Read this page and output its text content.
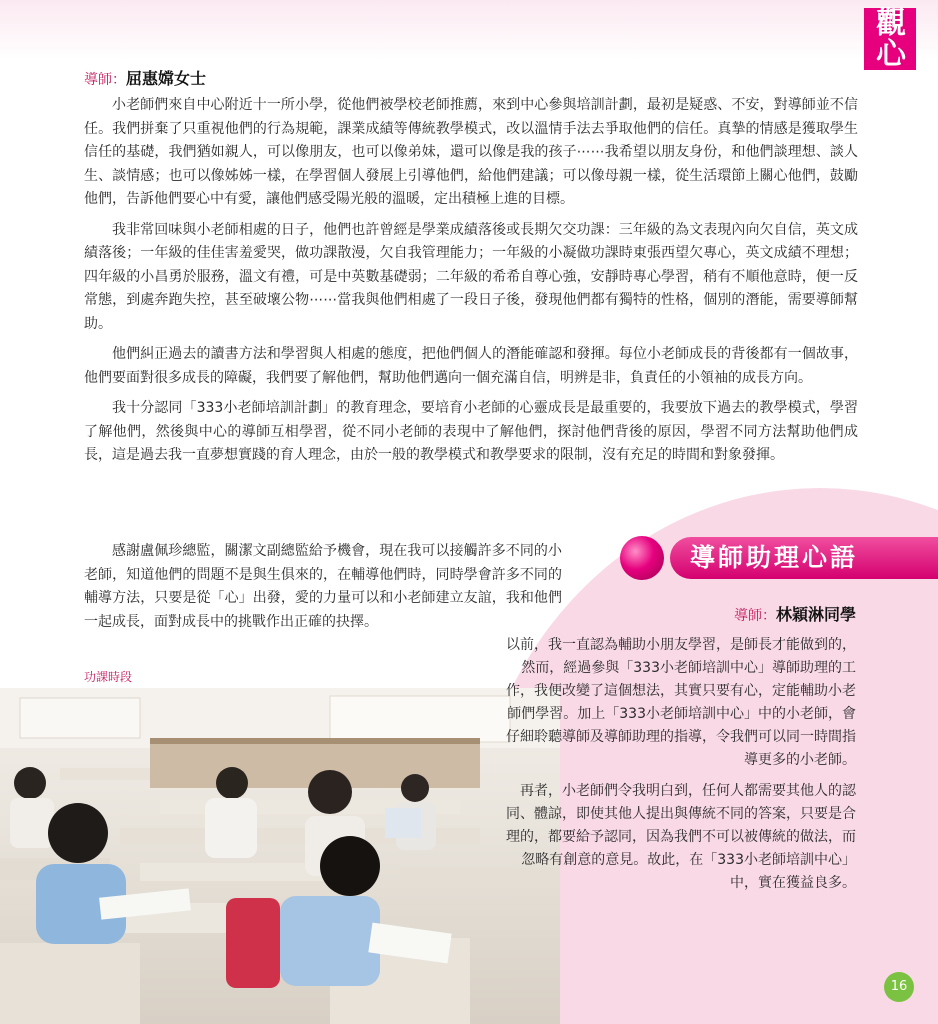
觀 心
導師：屈惠嫦女士

小老師們來自中心附近十一所小學，從他們被學校老師推薦，來到中心參與培訓計劃，最初是疑惑、不安，對導師並不信任。我們拼棄了只重視他們的行為規範，課業成績等傳統教學模式，改以溫情手法去爭取他們的信任。真摯的情感是獲取學生信任的基礎，我們猶如親人，可以像朋友，也可以像弟妹，還可以像是我的孩子⋯⋯我希望以朋友身份，和他們談理想、談人生、談情感；也可以像姊姊一樣，在學習個人發展上引導他們，給他們建議；可以像母親一樣，從生活環節上關心他們，鼓勵他們，告訴他們要心中有愛，讓他們感受陽光般的溫暖，定出積極上進的目標。

我非常回味與小老師相處的日子，他們也許曾經是學業成績落後或長期欠交功課：三年級的為文表現內向欠自信，英文成績落後；一年級的佳佳害羞愛哭，做功課散漫，欠自我管理能力；一年級的小凝做功課時東張西望欠專心，英文成績不理想；四年級的小昌勇於服務，溫文有禮，可是中英數基礎弱；二年級的希希自尊心強，安靜時專心學習，稍有不順他意時，便一反常態，到處奔跑失控，甚至破壞公物⋯⋯當我與他們相處了一段日子後，發現他們都有獨特的性格，個別的潛能，需要導師幫助。

他們糾正過去的讀書方法和學習與人相處的態度，把他們個人的潛能確認和發揮。每位小老師成長的背後都有一個故事，他們要面對很多成長的障礙，我們要了解他們，幫助他們邁向一個充滿自信，明辨是非，負責任的小領袖的成長方向。

我十分認同「333小老師培訓計劃」的教育理念，要培育小老師的心靈成長是最重要的，我要放下過去的教學模式，學習了解他們，然後與中心的導師互相學習，從不同小老師的表現中了解他們，探討他們背後的原因，學習不同方法幫助他們成長，這是過去我一直夢想實踐的育人理念，由於一般的教學模式和教學要求的限制，沒有充足的時間和對象發揮。

感謝盧佩珍總監，關潔文副總監給予機會，現在我可以接觸許多不同的小老師，知道他們的問題不是與生俱來的，在輔導他們時，同時學會許多不同的輔導方法，只要是從「心」出發，愛的力量可以和小老師建立友誼，我和他們一起成長，面對成長中的挑戰作出正確的抉擇。

功課時段
導師助理心語
導師：林穎淋同學

以前，我一直認為輔助小朋友學習，是師長才能做到的，然而，經過參與「333小老師培訓中心」導師助理的工作，我便改變了這個想法，其實只要有心，定能輔助小老師們學習。加上「333小老師培訓中心」中的小老師，會仔細聆聽導師及導師助理的指導，令我們可以同一時間指導更多的小老師。

再者，小老師們令我明白到，任何人都需要其他人的認同、體諒，即使其他人提出與傳統不同的答案，只要是合理的，都要給予認同，因為我們不可以被傳統的做法，而忽略有創意的意見。故此，在「333小老師培訓中心」中，實在獲益良多。

16
